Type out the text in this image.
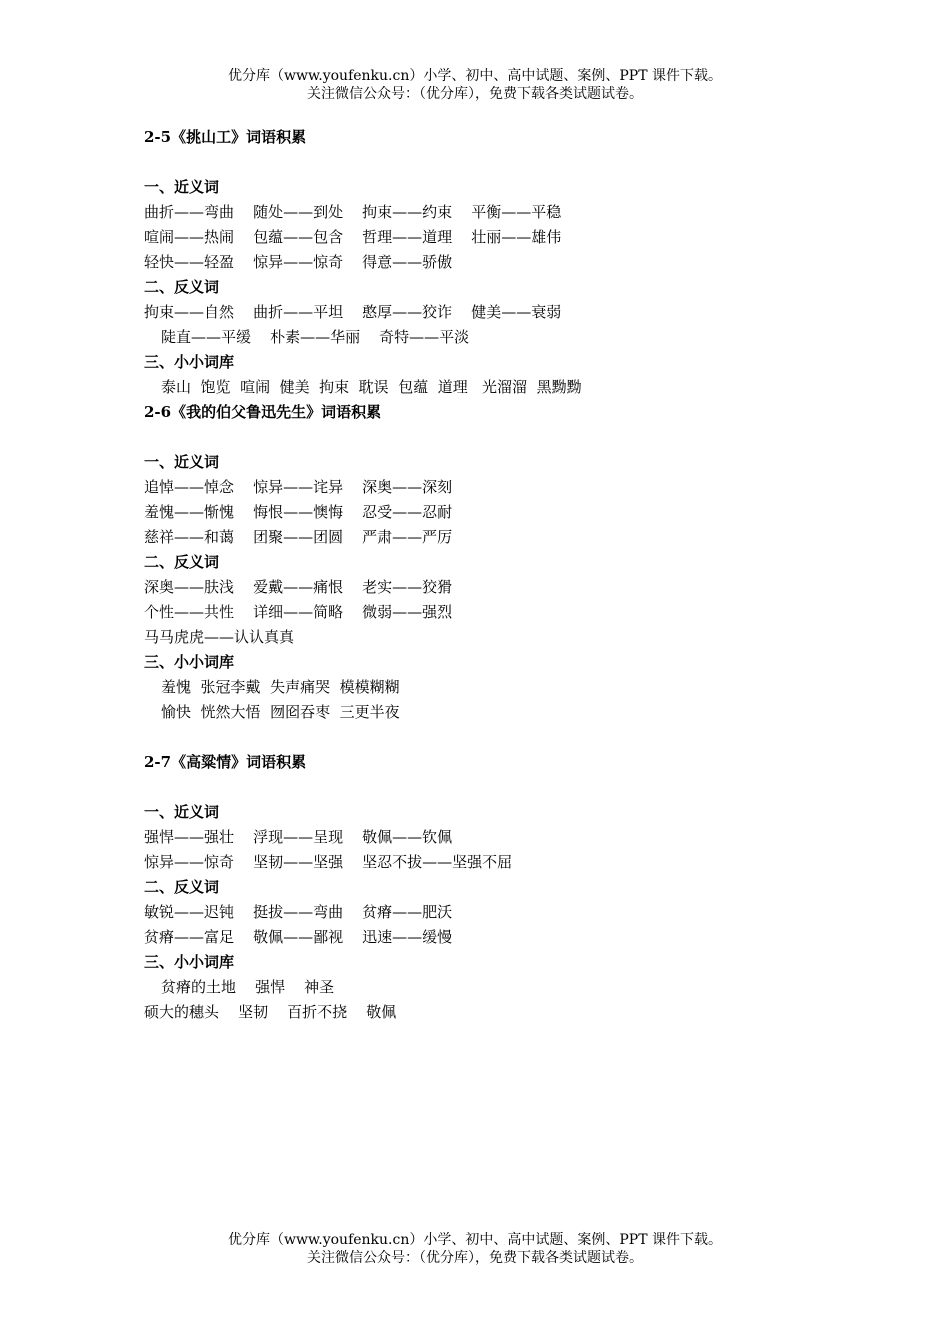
优分库（www.youfenku.cn）小学、初中、高中试题、案例、PPT 课件下载。
关注微信公众号：（优分库），免费下载各类试题试卷。
2-5《挑山工》词语积累
一、近义词
曲折——弯曲    随处——到处    拘束——约束    平衡——平稳
喧闹——热闹    包蕴——包含    哲理——道理    壮丽——雄伟
轻快——轻盈    惊异——惊奇    得意——骄傲
二、反义词
拘束——自然    曲折——平坦    憨厚——狡诈    健美——衰弱
陡直——平缓    朴素——华丽    奇特——平淡
三、小小词库
泰山  饱览  喧闹  健美  拘束  耽误  包蕴  道理   光溜溜  黑黝黝
2-6《我的伯父鲁迅先生》词语积累
一、近义词
追悼——悼念    惊异——诧异    深奥——深刻
羞愧——惭愧    悔恨——懊悔    忍受——忍耐
慈祥——和蔼    团聚——团圆    严肃——严厉
二、反义词
深奥——肤浅    爱戴——痛恨    老实——狡猾
个性——共性    详细——简略    微弱——强烈
马马虎虎——认认真真
三、小小词库
羞愧  张冠李戴  失声痛哭  模模糊糊
愉快  恍然大悟  囫囵吞枣  三更半夜
2-7《高粱情》词语积累
一、近义词
强悍——强壮    浮现——呈现    敬佩——钦佩
惊异——惊奇    坚韧——坚强    坚忍不拔——坚强不屈
二、反义词
敏锐——迟钝    挺拔——弯曲    贫瘠——肥沃
贫瘠——富足    敬佩——鄙视    迅速——缓慢
三、小小词库
贫瘠的土地    强悍    神圣
硕大的穗头    坚韧    百折不挠    敬佩
优分库（www.youfenku.cn）小学、初中、高中试题、案例、PPT 课件下载。
关注微信公众号：（优分库），免费下载各类试题试卷。
